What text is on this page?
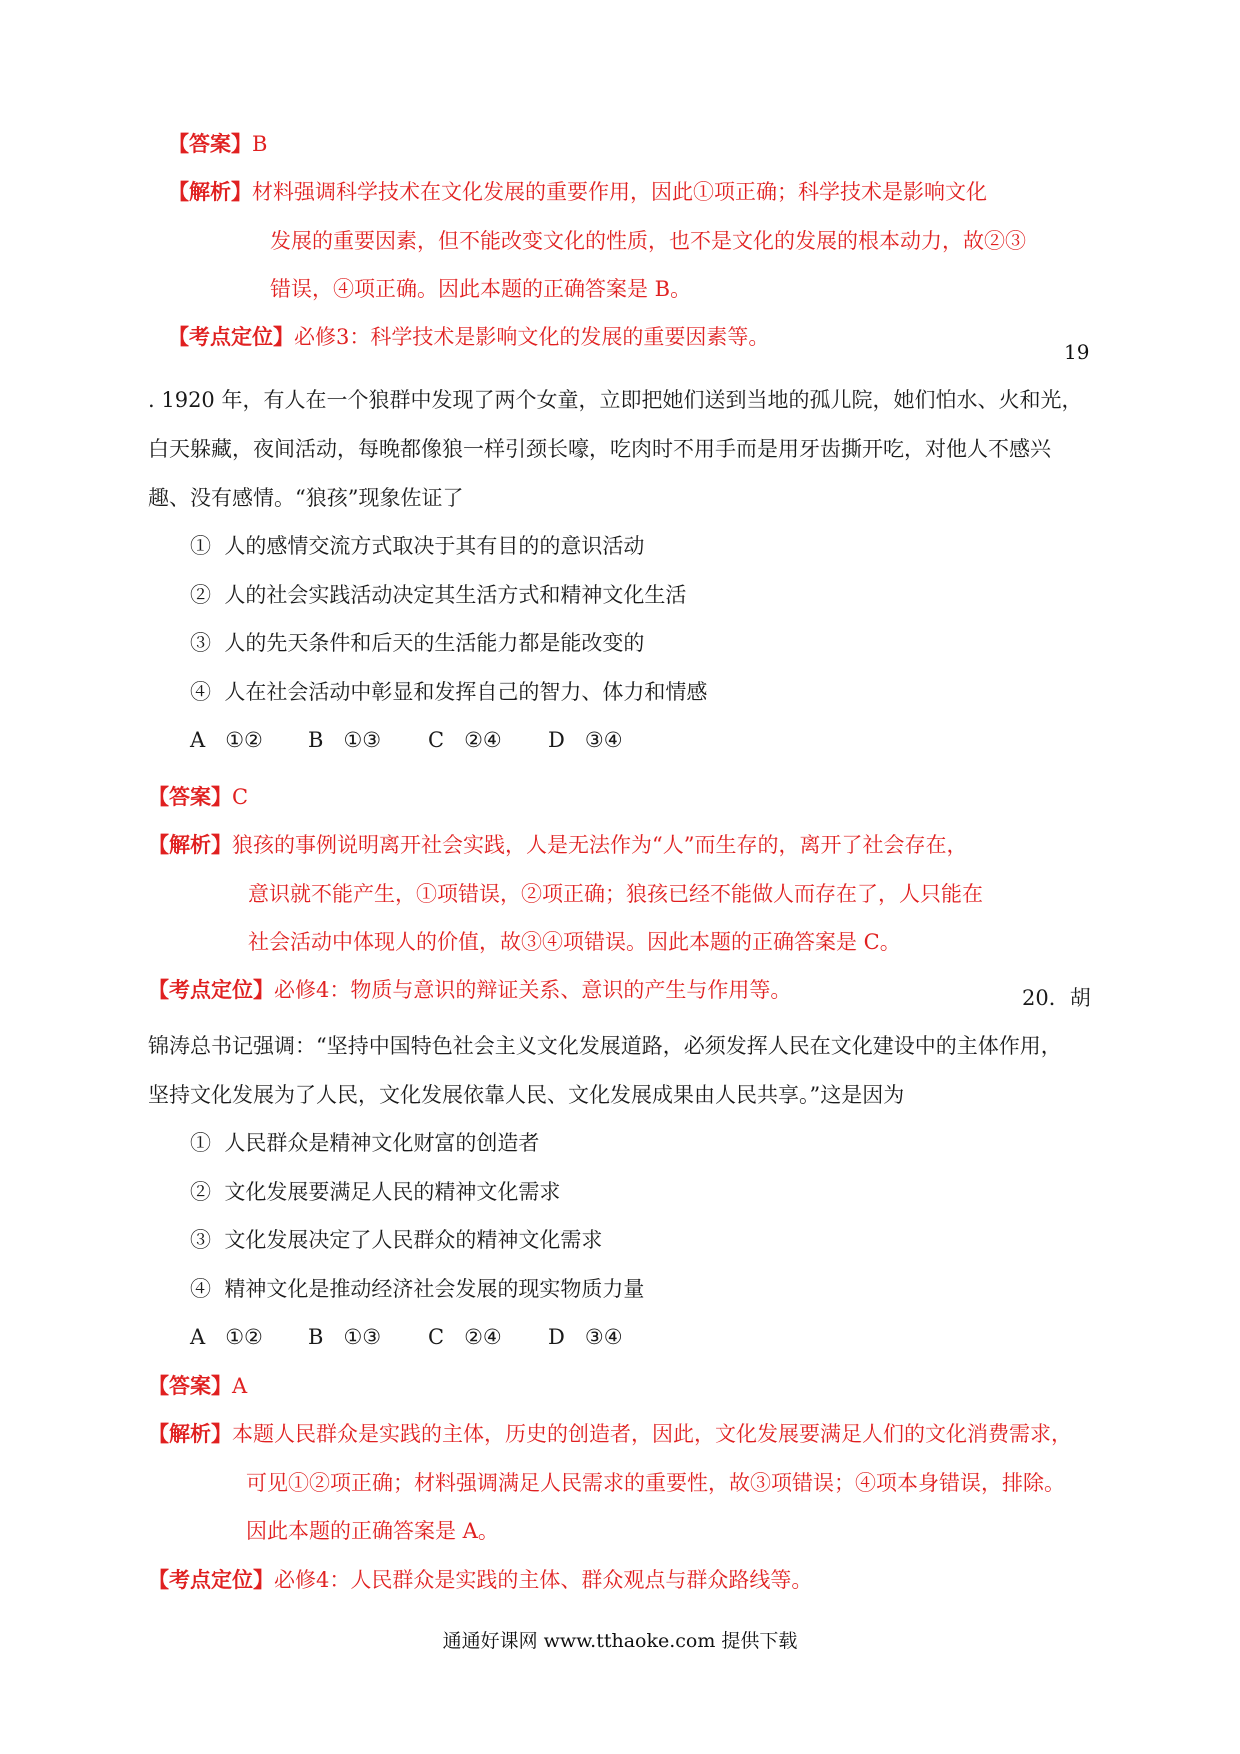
【答案】B
【解析】材料强调科学技术在文化发展的重要作用，因此①项正确；科学技术是影响文化
发展的重要因素，但不能改变文化的性质，也不是文化的发展的根本动力，故②③
错误，④项正确。因此本题的正确答案是 B。
【考点定位】必修3：科学技术是影响文化的发展的重要因素等。
19
. 1920 年，有人在一个狼群中发现了两个女童，立即把她们送到当地的孤儿院，她们怕水、火和光，
白天躲藏，夜间活动，每晚都像狼一样引颈长嚎，吃肉时不用手而是用牙齿撕开吃，对他人不感兴
趣、没有感情。“狼孩”现象佐证了
① 人的感情交流方式取决于其有目的的意识活动
② 人的社会实践活动决定其生活方式和精神文化生活
③ 人的先天条件和后天的生活能力都是能改变的
④ 人在社会活动中彰显和发挥自己的智力、体力和情感
A ①② B ①③ C ②④ D ③④
【答案】C
【解析】狼孩的事例说明离开社会实践，人是无法作为“人”而生存的，离开了社会存在，
意识就不能产生，①项错误，②项正确；狼孩已经不能做人而存在了，人只能在
社会活动中体现人的价值，故③④项错误。因此本题的正确答案是 C。
【考点定位】必修4：物质与意识的辩证关系、意识的产生与作用等。	20．胡
锦涛总书记强调：“坚持中国特色社会主义文化发展道路，必须发挥人民在文化建设中的主体作用，
坚持文化发展为了人民，文化发展依靠人民、文化发展成果由人民共享。”这是因为
① 人民群众是精神文化财富的创造者
② 文化发展要满足人民的精神文化需求
③ 文化发展决定了人民群众的精神文化需求
④ 精神文化是推动经济社会发展的现实物质力量
A ①② B ①③ C ②④ D ③④
【答案】A
【解析】本题人民群众是实践的主体，历史的创造者，因此，文化发展要满足人们的文化消费需求，
可见①②项正确；材料强调满足人民需求的重要性，故③项错误；④项本身错误，排除。
因此本题的正确答案是 A。
【考点定位】必修4：人民群众是实践的主体、群众观点与群众路线等。
通通好课网 www.tthaoke.com 提供下载
